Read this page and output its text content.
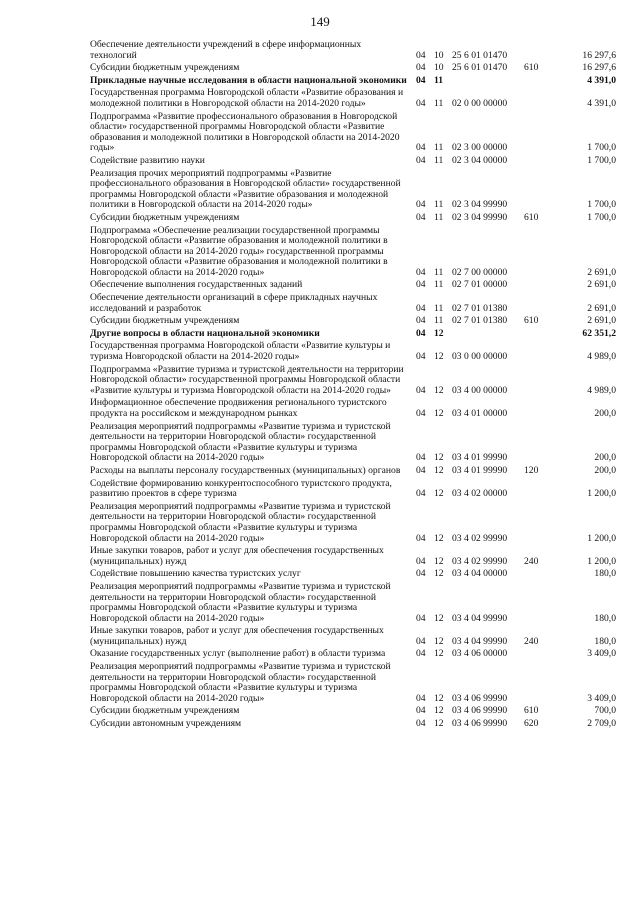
149
Обеспечение деятельности учреждений в сфере информационных технологий	04	10	25 6 01 01470		16 297,6
Субсидии бюджетным учреждениям	04	10	25 6 01 01470	610	16 297,6
Прикладные научные исследования в области национальной экономики	04	11			4 391,0
Государственная программа Новгородской области «Развитие образования и молодежной политики в Новгородской области на 2014-2020 годы»	04	11	02 0 00 00000		4 391,0
Подпрограмма «Развитие профессионального образования в Новгородской области» государственной программы Новгородской области «Развитие образования и молодежной политики в Новгородской области на 2014-2020 годы»	04	11	02 3 00 00000		1 700,0
Содействие развитию науки	04	11	02 3 04 00000		1 700,0
Реализация прочих мероприятий подпрограммы «Развитие профессионального образования в Новгородской области» государственной программы Новгородской области «Развитие образования и молодежной политики в Новгородской области на 2014-2020 годы»	04	11	02 3 04 99990		1 700,0
Субсидии бюджетным учреждениям	04	11	02 3 04 99990	610	1 700,0
Подпрограмма «Обеспечение реализации государственной программы Новгородской области «Развитие образования и молодежной политики в Новгородской области на 2014-2020 годы» государственной программы Новгородской области «Развитие образования и молодежной политики в Новгородской области на 2014-2020 годы»	04	11	02 7 00 00000		2 691,0
Обеспечение выполнения государственных заданий	04	11	02 7 01 00000		2 691,0
Обеспечение деятельности организаций в сфере прикладных научных исследований и разработок	04	11	02 7 01 01380		2 691,0
Субсидии бюджетным учреждениям	04	11	02 7 01 01380	610	2 691,0
Другие вопросы в области национальной экономики	04	12			62 351,2
Государственная программа Новгородской области «Развитие культуры и туризма Новгородской области на 2014-2020 годы»	04	12	03 0 00 00000		4 989,0
Подпрограмма «Развитие туризма и туристской деятельности на территории Новгородской области» государственной программы Новгородской области «Развитие культуры и туризма Новгородской области на 2014-2020 годы»	04	12	03 4 00 00000		4 989,0
Информационное обеспечение продвижения регионального туристского продукта на российском и международном рынках	04	12	03 4 01 00000		200,0
Реализация мероприятий подпрограммы «Развитие туризма и туристской деятельности на территории Новгородской области» государственной программы Новгородской области «Развитие культуры и туризма Новгородской области на 2014-2020 годы»	04	12	03 4 01 99990		200,0
Расходы на выплаты персоналу государственных (муниципальных) органов	04	12	03 4 01 99990	120	200,0
Содействие формированию конкурентоспособного туристского продукта, развитию проектов в сфере туризма	04	12	03 4 02 00000		1 200,0
Реализация мероприятий подпрограммы «Развитие туризма и туристской деятельности на территории Новгородской области» государственной программы Новгородской области «Развитие культуры и туризма Новгородской области на 2014-2020 годы»	04	12	03 4 02 99990		1 200,0
Иные закупки товаров, работ и услуг для обеспечения государственных (муниципальных) нужд	04	12	03 4 02 99990	240	1 200,0
Содействие повышению качества туристских услуг	04	12	03 4 04 00000		180,0
Реализация мероприятий подпрограммы «Развитие туризма и туристской деятельности на территории Новгородской области» государственной программы Новгородской области «Развитие культуры и туризма Новгородской области на 2014-2020 годы»	04	12	03 4 04 99990		180,0
Иные закупки товаров, работ и услуг для обеспечения государственных (муниципальных) нужд	04	12	03 4 04 99990	240	180,0
Оказание государственных услуг (выполнение работ) в области туризма	04	12	03 4 06 00000		3 409,0
Реализация мероприятий подпрограммы «Развитие туризма и туристской деятельности на территории Новгородской области» государственной программы Новгородской области «Развитие культуры и туризма Новгородской области на 2014-2020 годы»	04	12	03 4 06 99990		3 409,0
Субсидии бюджетным учреждениям	04	12	03 4 06 99990	610	700,0
Субсидии автономным учреждениям	04	12	03 4 06 99990	620	2 709,0
